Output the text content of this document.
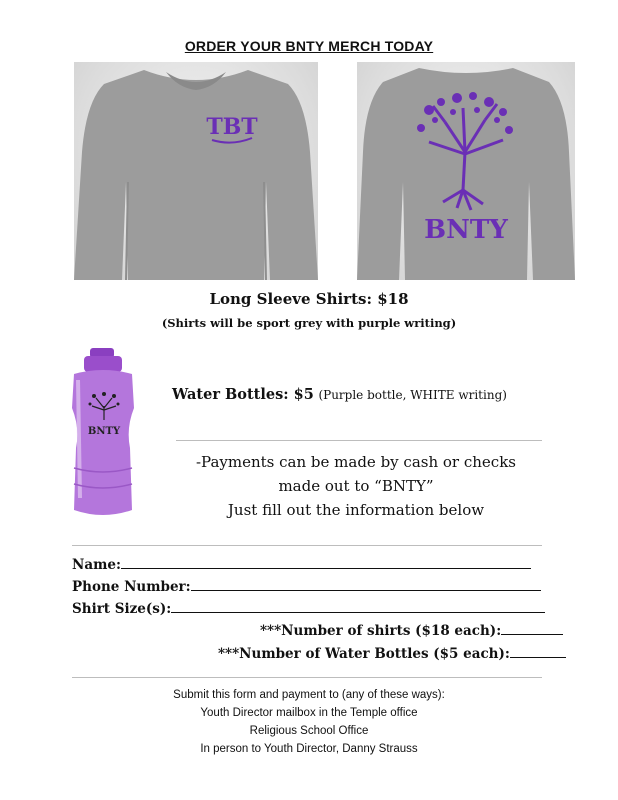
ORDER YOUR BNTY MERCH TODAY
TBT
BNTY
Long Sleeve Shirts: $18
(Shirts will be sport grey with purple writing)
BNTY
Water Bottles: $5 (Purple bottle, WHITE writing)
-Payments can be made by cash or checks
made out to “BNTY”
Just fill out the information below
Name:
Phone Number:
Shirt Size(s):
***Number of shirts ($18 each):
***Number of Water Bottles ($5 each):
Submit this form and payment to (any of these ways):
Youth Director mailbox in the Temple office
Religious School Office
In person to Youth Director, Danny Strauss
